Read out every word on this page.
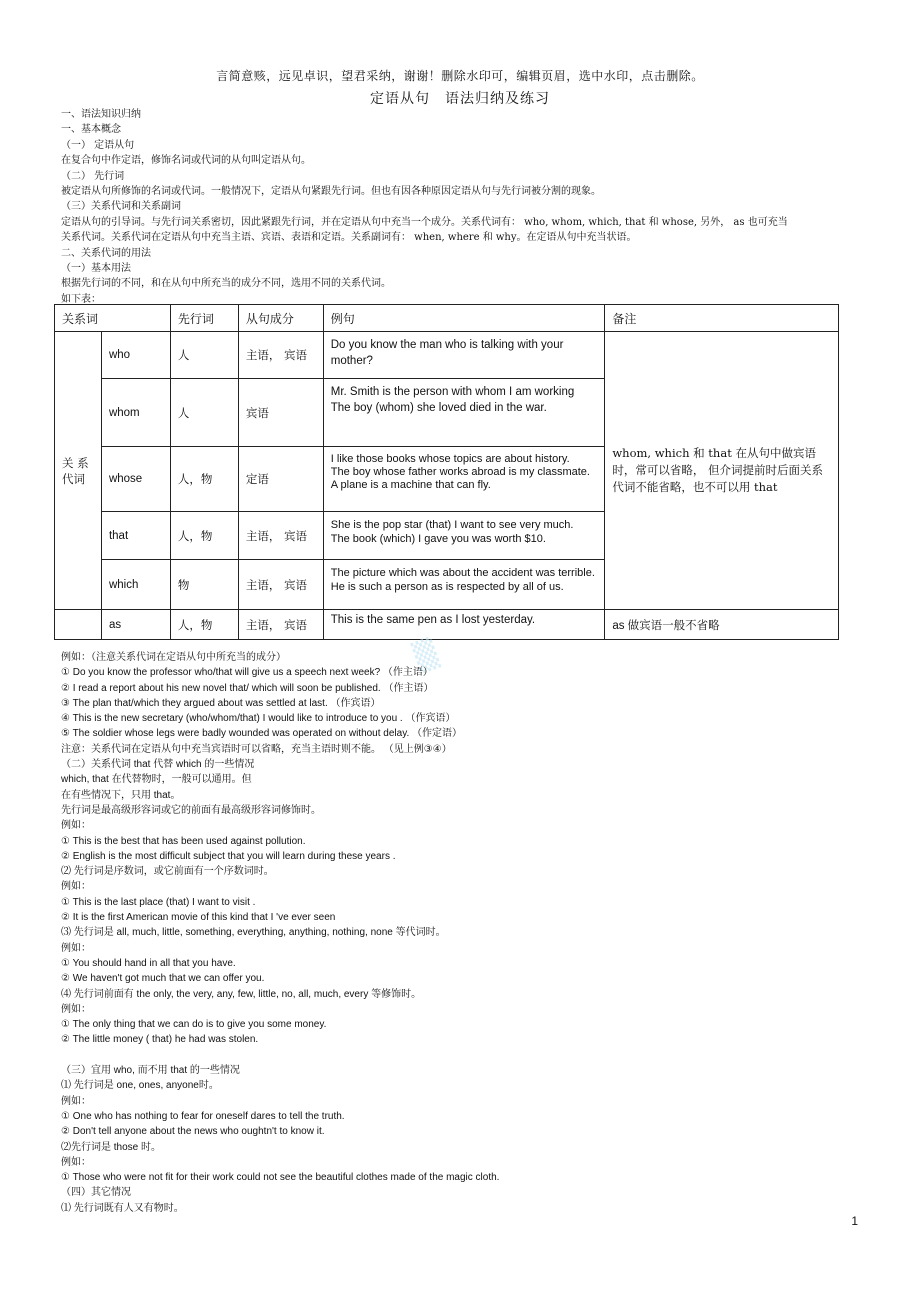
言简意赅，远见卓识，望君采纳，谢谢！删除水印可，编辑页眉，选中水印，点击删除。
定语从句　语法归纳及练习
一、语法知识归纳
一、基本概念
（一） 定语从句
在复合句中作定语，修饰名词或代词的从句叫定语从句。
（二） 先行词
被定语从句所修饰的名词或代词。一般情况下，定语从句紧跟先行词。但也有因各种原因定语从句与先行词被分割的现象。
（三）关系代词和关系副词
定语从句的引导词。与先行词关系密切，因此紧跟先行词，并在定语从句中充当一个成分。关系代词有： who, whom, which, that 和 whose, 另外， as 也可充当
关系代词。关系代词在定语从句中充当主语、宾语、表语和定语。关系副词有： when, where 和 why。在定语从句中充当状语。
二、关系代词的用法
（一）基本用法
根据先行词的不同，和在从句中所充当的成分不同，选用不同的关系代词。
如下表：
关系词		先行词	从句成分	例句	备注
关 系 代词	who	人	主语， 宾语	Do you know the man who is talking with your mother?	whom, which 和 that 在从句中做宾语时，常可以省略， 但介词提前时后面关系代词不能省略，也不可以用 that
	whom	人	宾语	Mr. Smith is the person with whom I am working
The boy (whom) she loved died in the war.	
	whose	人，物	定语	I like those books whose topics are about history.
The boy whose father works abroad is my classmate.
A plane is a machine that can fly.	
	that	人，物	主语， 宾语	She is the pop star (that) I want to see very much.
The book (which) I gave you was worth $10.	
	which	物	主语， 宾语	The picture which was about the accident was terrible.
He is such a person as is respected by all of us.	
	as	人，物	主语， 宾语	This is the same pen as I lost yesterday.	as 做宾语一般不省略
▒
例如：（注意关系代词在定语从句中所充当的成分）
① Do you know the professor who/that will give us a speech next week? （作主语）
② I read a report about his new novel that/ which will soon be published. （作主语）
③ The plan that/which they argued about was settled at last. （作宾语）
④ This is the new secretary (who/whom/that) I would like to introduce to you . （作宾语）
⑤ The soldier whose legs were badly wounded was operated on without delay. （作定语）
注意：关系代词在定语从句中充当宾语时可以省略，充当主语时则不能。 （见上例③④）
（二）关系代词 that 代替 which 的一些情况
which, that 在代替物时，一般可以通用。但
在有些情况下，只用 that。
先行词是最高级形容词或它的前面有最高级形容词修饰时。
例如：
① This is the best that has been used against pollution.
② English is the most difficult subject that you will learn during these years .
⑵ 先行词是序数词，或它前面有一个序数词时。
例如：
① This is the last place (that) I want to visit .
② It is the first American movie of this kind that I 've ever seen
⑶ 先行词是 all, much, little, something, everything, anything, nothing, none 等代词时。
例如：
① You should hand in all that you have.
② We haven't got much that we can offer you.
⑷ 先行词前面有 the only, the very, any, few, little, no, all, much, every 等修饰时。
例如：
① The only thing that we can do is to give you some money.
② The little money ( that) he had was stolen.
（三）宜用 who, 而不用 that 的一些情况
⑴ 先行词是 one, ones, anyone时。
例如：
① One who has nothing to fear for oneself dares to tell the truth.
② Don't tell anyone about the news who oughtn't to know it.
⑵先行词是 those 时。
例如：
① Those who were not fit for their work could not see the beautiful clothes made of the magic cloth.
（四）其它情况
⑴ 先行词既有人又有物时。
1
